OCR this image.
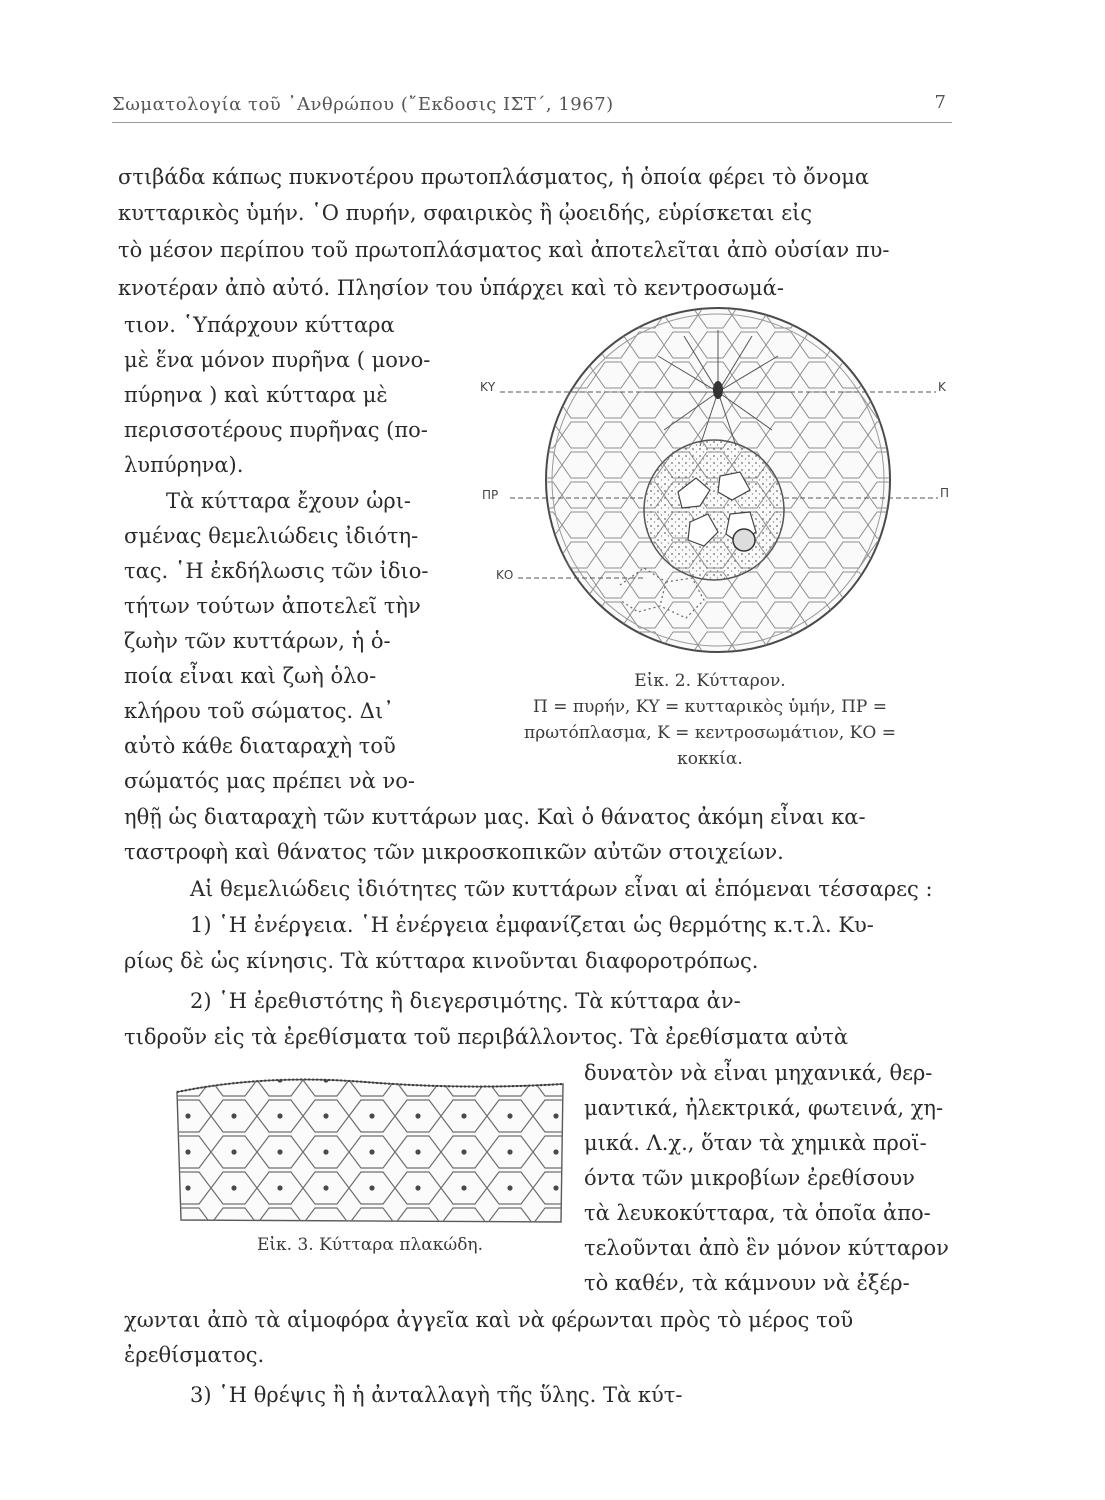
Σωματολογία τοῦ ᾿Ανθρώπου (῎Εκδοσις ΙΣΤ΄, 1967)	7
στιβάδα κάπως πυκνοτέρου πρωτοπλάσματος, ἡ ὁποία φέρει τὸ ὄνομα
κυτταρικὸς ὑμήν. ῾Ο πυρήν, σφαιρικὸς ἢ ᾠοειδής, εὑρίσκεται εἰς
τὸ μέσον περίπου τοῦ πρωτοπλάσματος καὶ ἀποτελεῖται ἀπὸ οὐσίαν πυ-
κνοτέραν ἀπὸ αὐτό. Πλησίον του ὑπάρχει καὶ τὸ κεντροσωμά-
τιον. ῾Υπάρχουν κύτταρα
μὲ ἕνα μόνον πυρῆνα ( μονο-
πύρηνα ) καὶ κύτταρα μὲ
περισσοτέρους πυρῆνας (πο-
λυπύρηνα).
Τὰ κύτταρα ἔχουν ὡρι-
σμένας θεμελιώδεις ἰδιότη-
τας. ῾Η ἐκδήλωσις τῶν ἰδιο-
τήτων τούτων ἀποτελεῖ τὴν
ζωὴν τῶν κυττάρων, ἡ ὁ-
ποία εἶναι καὶ ζωὴ ὁλο-
κλήρου τοῦ σώματος. Δι᾿
αὐτὸ κάθε διαταραχὴ τοῦ
σώματός μας πρέπει νὰ νο-
ΚΥ	Κ
ΠΡ	Π
ΚΟ
Εἰκ. 2. Κύτταρον.
Π = πυρήν, ΚΥ = κυτταρικὸς ὑμήν, ΠΡ =
πρωτόπλασμα, Κ = κεντροσωμάτιον, ΚΟ =
κοκκία.
ηθῇ ὡς διαταραχὴ τῶν κυττάρων μας. Καὶ ὁ θάνατος ἀκόμη εἶναι κα-
ταστροφὴ καὶ θάνατος τῶν μικροσκοπικῶν αὐτῶν στοιχείων.
Αἱ θεμελιώδεις ἰδιότητες τῶν κυττάρων εἶναι αἱ ἑπόμεναι τέσσαρες :
1) ῾Η ἐνέργεια. ῾Η ἐνέργεια ἐμφανίζεται ὡς θερμότης κ.τ.λ. Κυ-
ρίως δὲ ὡς κίνησις. Τὰ κύτταρα κινοῦνται διαφοροτρόπως.
2) ῾Η ἐρεθιστότης ἢ διεγερσιμότης. Τὰ κύτταρα ἀν-
τιδροῦν εἰς τὰ ἐρεθίσματα τοῦ περιβάλλοντος. Τὰ ἐρεθίσματα αὐτὰ
Εἰκ. 3. Κύτταρα πλακώδη.
δυνατὸν νὰ εἶναι μηχανικά, θερ-
μαντικά, ἠλεκτρικά, φωτεινά, χη-
μικά. Λ.χ., ὅταν τὰ χημικὰ προϊ-
όντα τῶν μικροβίων ἐρεθίσουν
τὰ λευκοκύτταρα, τὰ ὁποῖα ἀπο-
τελοῦνται ἀπὸ ἓν μόνον κύτταρον
τὸ καθέν, τὰ κάμνουν νὰ ἐξέρ-
χωνται ἀπὸ τὰ αἱμοφόρα ἀγγεῖα καὶ νὰ φέρωνται πρὸς τὸ μέρος τοῦ
ἐρεθίσματος.
3) ῾Η θρέψις ἢ ἡ ἀνταλλαγὴ τῆς ὕλης. Τὰ κύτ-
